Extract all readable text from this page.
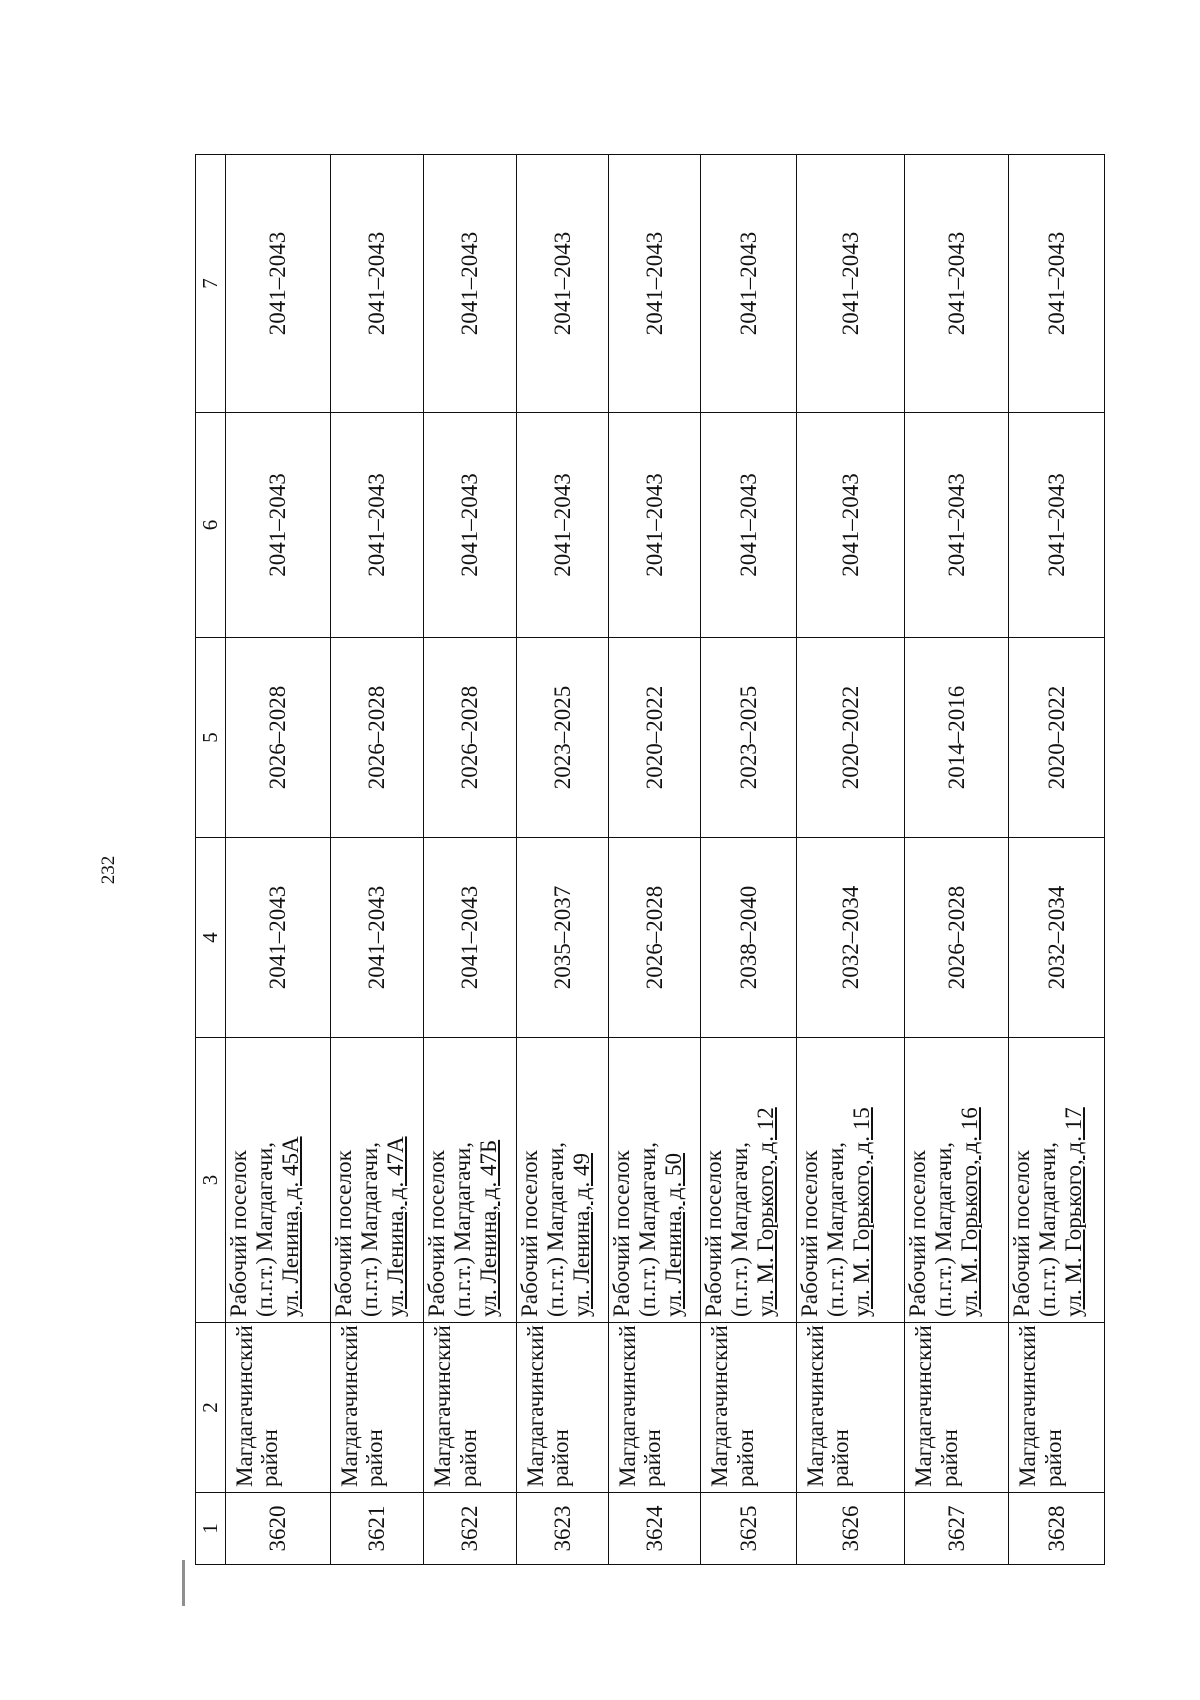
232
1	2	3	4	5	6	7
3620	Магдагачинский район	Рабочий поселок (п.г.т.) Магдагачи, ул. Ленина, д. 45А	2041–2043	2026–2028	2041–2043	2041–2043
3621	Магдагачинский район	Рабочий поселок (п.г.т.) Магдагачи, ул. Ленина, д. 47А	2041–2043	2026–2028	2041–2043	2041–2043
3622	Магдагачинский район	Рабочий поселок (п.г.т.) Магдагачи, ул. Ленина, д. 47Б	2041–2043	2026–2028	2041–2043	2041–2043
3623	Магдагачинский район	Рабочий поселок (п.г.т.) Магдагачи, ул. Ленина, д. 49	2035–2037	2023–2025	2041–2043	2041–2043
3624	Магдагачинский район	Рабочий поселок (п.г.т.) Магдагачи, ул. Ленина, д. 50	2026–2028	2020–2022	2041–2043	2041–2043
3625	Магдагачинский район	Рабочий поселок (п.г.т.) Магдагачи, ул. М. Горького, д. 12	2038–2040	2023–2025	2041–2043	2041–2043
3626	Магдагачинский район	Рабочий поселок (п.г.т.) Магдагачи, ул. М. Горького, д. 15	2032–2034	2020–2022	2041–2043	2041–2043
3627	Магдагачинский район	Рабочий поселок (п.г.т.) Магдагачи, ул. М. Горького, д. 16	2026–2028	2014–2016	2041–2043	2041–2043
3628	Магдагачинский район	Рабочий поселок (п.г.т.) Магдагачи, ул. М. Горького, д. 17	2032–2034	2020–2022	2041–2043	2041–2043
